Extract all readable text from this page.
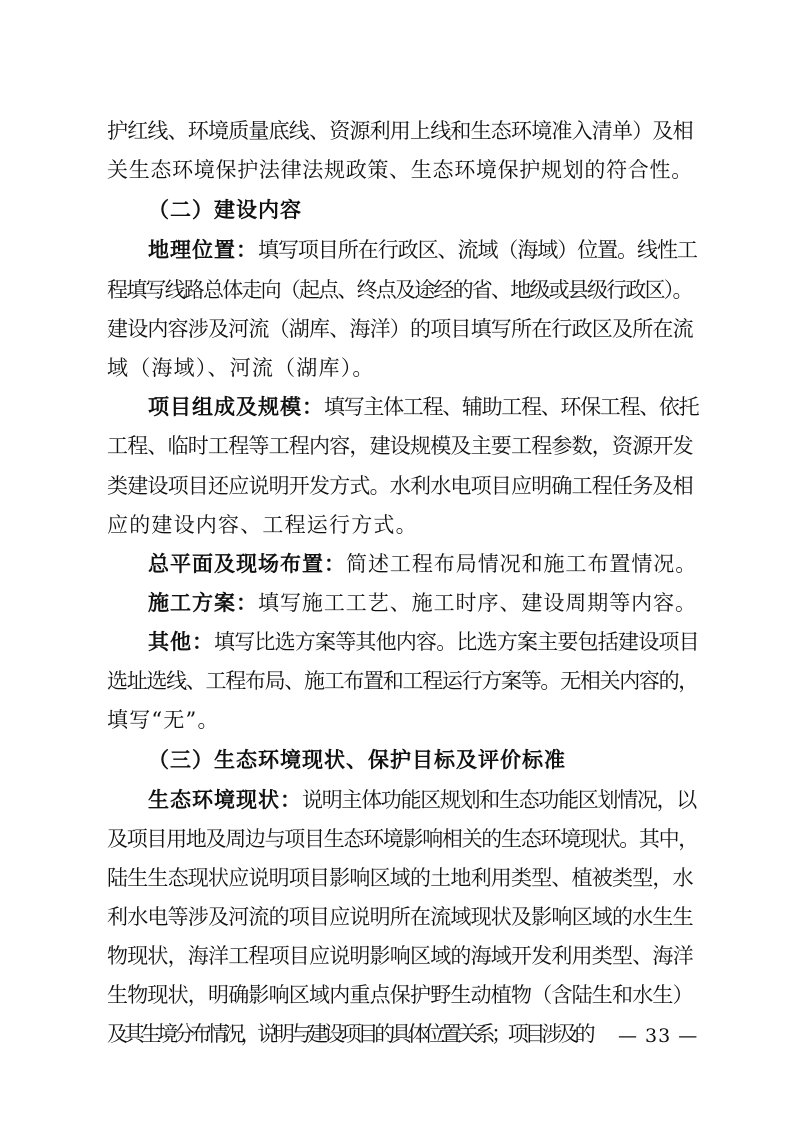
护红线、环境质量底线、资源利用上线和生态环境准入清单）及相
关生态环境保护法律法规政策、生态环境保护规划的符合性。
（二）建设内容
地理位置：填写项目所在行政区、流域（海域）位置。线性工
程填写线路总体走向（起点、终点及途经的省、地级或县级行政区）。
建设内容涉及河流（湖库、海洋）的项目填写所在行政区及所在流
域（海域）、河流（湖库）。
项目组成及规模：填写主体工程、辅助工程、环保工程、依托
工程、临时工程等工程内容，建设规模及主要工程参数，资源开发
类建设项目还应说明开发方式。水利水电项目应明确工程任务及相
应的建设内容、工程运行方式。
总平面及现场布置：简述工程布局情况和施工布置情况。
施工方案：填写施工工艺、施工时序、建设周期等内容。
其他：填写比选方案等其他内容。比选方案主要包括建设项目
选址选线、工程布局、施工布置和工程运行方案等。无相关内容的，
填写“无”。
（三）生态环境现状、保护目标及评价标准
生态环境现状：说明主体功能区规划和生态功能区划情况，以
及项目用地及周边与项目生态环境影响相关的生态环境现状。其中，
陆生生态现状应说明项目影响区域的土地利用类型、植被类型，水
利水电等涉及河流的项目应说明所在流域现状及影响区域的水生生
物现状，海洋工程项目应说明影响区域的海域开发利用类型、海洋
生物现状，明确影响区域内重点保护野生动植物（含陆生和水生）
及其生境分布情况，说明与建设项目的具体位置关系；项目涉及的 — 33 —
